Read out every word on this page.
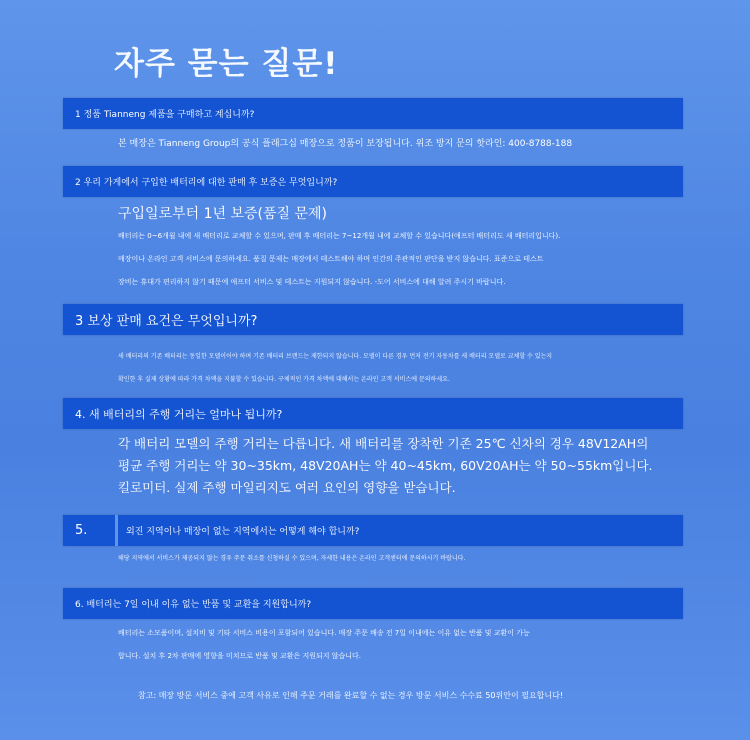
자주 묻는 질문!
1 정품 Tianneng 제품을 구매하고 계십니까?

본 매장은 Tianneng Group의 공식 플래그십 매장으로 정품이 보장됩니다. 위조 방지 문의 핫라인: 400-8788-188

2 우리 가게에서 구입한 배터리에 대한 판매 후 보증은 무엇입니까?
구입일로부터 1년 보증(품질 문제)

배터리는 0~6개월 내에 새 배터리로 교체할 수 있으며, 판매 후 배터리는 7~12개월 내에 교체할 수 있습니다(애프터 배터리도 새 배터리입니다).

매장이나 온라인 고객 서비스에 문의하세요. 품질 문제는 매장에서 테스트해야 하며 인간의 주관적인 판단을 받지 않습니다. 표준으로 테스트

장비는 휴대가 편리하지 않기 때문에 애프터 서비스 및 테스트는 지원되지 않습니다. -도어 서비스에 대해 알려 주시기 바랍니다.

3 보상 판매 요건은 무엇입니까?

새 배터리의 기존 배터리는 동일한 모델이어야 하며 기존 배터리 브랜드는 제한되지 않습니다. 모델이 다른 경우 먼저 전기 자동차를 새 배터리 모델로 교체할 수 있는지

확인한 후 실제 상황에 따라 가격 차액을 지불할 수 있습니다. 구체적인 가격 차액에 대해서는 온라인 고객 서비스에 문의하세요.

4. 새 배터리의 주행 거리는 얼마나 됩니까?

각 배터리 모델의 주행 거리는 다릅니다. 새 배터리를 장착한 기존 25℃ 신차의 경우 48V12AH의

평균 주행 거리는 약 30~35km, 48V20AH는 약 40~45km, 60V20AH는 약 50~55km입니다.

킬로미터. 실제 주행 마일리지도 여러 요인의 영향을 받습니다.

5.	외진 지역이나 매장이 없는 지역에서는 어떻게 해야 합니까?

해당 지역에서 서비스가 제공되지 않는 경우 주문 취소를 신청하실 수 있으며, 자세한 내용은 온라인 고객센터에 문의하시기 바랍니다.

6. 배터리는 7일 이내 이유 없는 반품 및 교환을 지원합니까?

배터리는 소모품이며, 설치비 및 기타 서비스 비용이 포함되어 있습니다. 매장 주문 배송 전 7일 이내에는 이유 없는 반품 및 교환이 가능

합니다. 설치 후 2차 판매에 영향을 미치므로 반품 및 교환은 지원되지 않습니다.

참고: 매장 방문 서비스 중에 고객 사유로 인해 주문 거래를 완료할 수 없는 경우 방문 서비스 수수료 50위안이 필요합니다!
